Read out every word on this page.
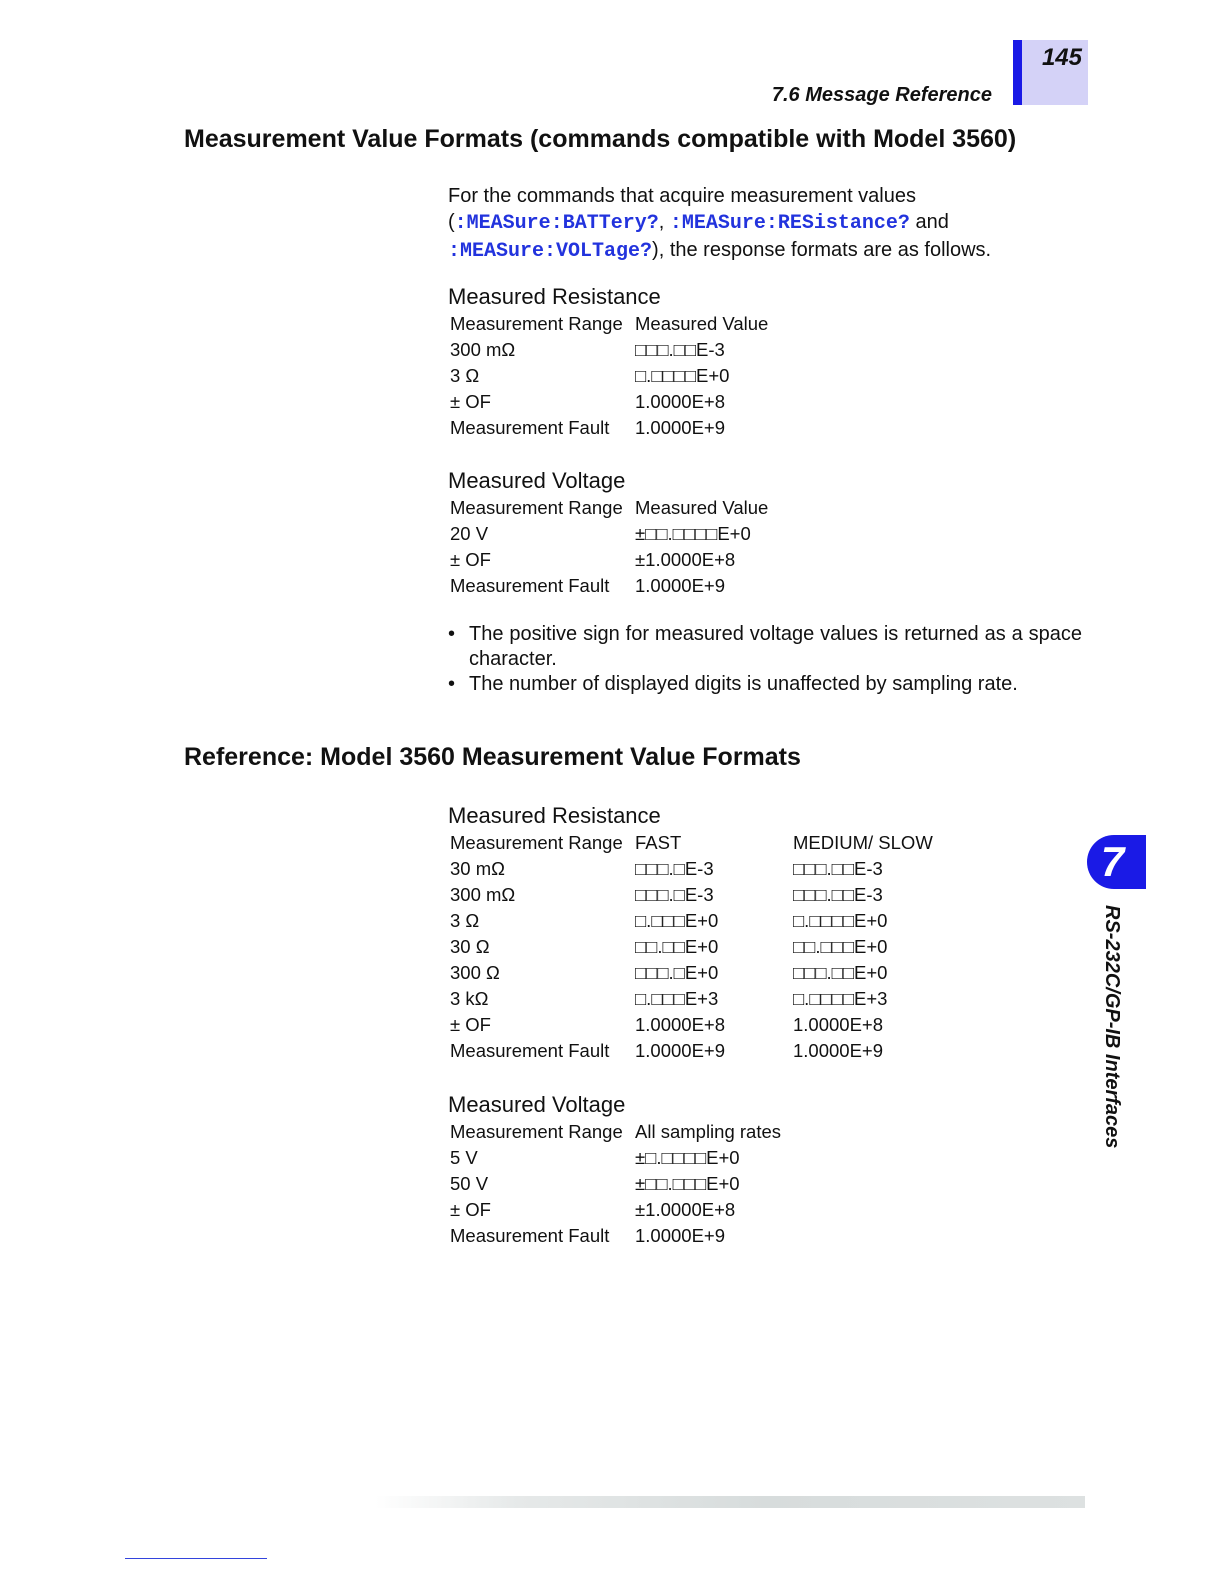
145
7.6 Message Reference
Measurement Value Formats (commands compatible with Model 3560)
For the commands that acquire measurement values
(:MEASure:BATTery?, :MEASure:RESistance? and
:MEASure:VOLTage?), the response formats are as follows.
Measured Resistance
Measurement Range	Measured Value
300 mΩ	□□□.□□E-3
3 Ω	□.□□□□E+0
± OF	1.0000E+8
Measurement Fault	1.0000E+9
Measured Voltage
Measurement Range	Measured Value
20 V	±□□.□□□□E+0
± OF	±1.0000E+8
Measurement Fault	1.0000E+9
• The positive sign for measured voltage values is returned as a space character.
• The number of displayed digits is unaffected by sampling rate.
Reference: Model 3560 Measurement Value Formats
Measured Resistance
Measurement Range	FAST	MEDIUM/ SLOW
30 mΩ	□□□.□E-3	□□□.□□E-3
300 mΩ	□□□.□E-3	□□□.□□E-3
3 Ω	□.□□□E+0	□.□□□□E+0
30 Ω	□□.□□E+0	□□.□□□E+0
300 Ω	□□□.□E+0	□□□.□□E+0
3 kΩ	□.□□□E+3	□.□□□□E+3
± OF	1.0000E+8	1.0000E+8
Measurement Fault	1.0000E+9	1.0000E+9
Measured Voltage
Measurement Range	All sampling rates
5 V	±□.□□□□E+0
50 V	±□□.□□□E+0
± OF	±1.0000E+8
Measurement Fault	1.0000E+9
7
RS-232C/GP-IB Interfaces
